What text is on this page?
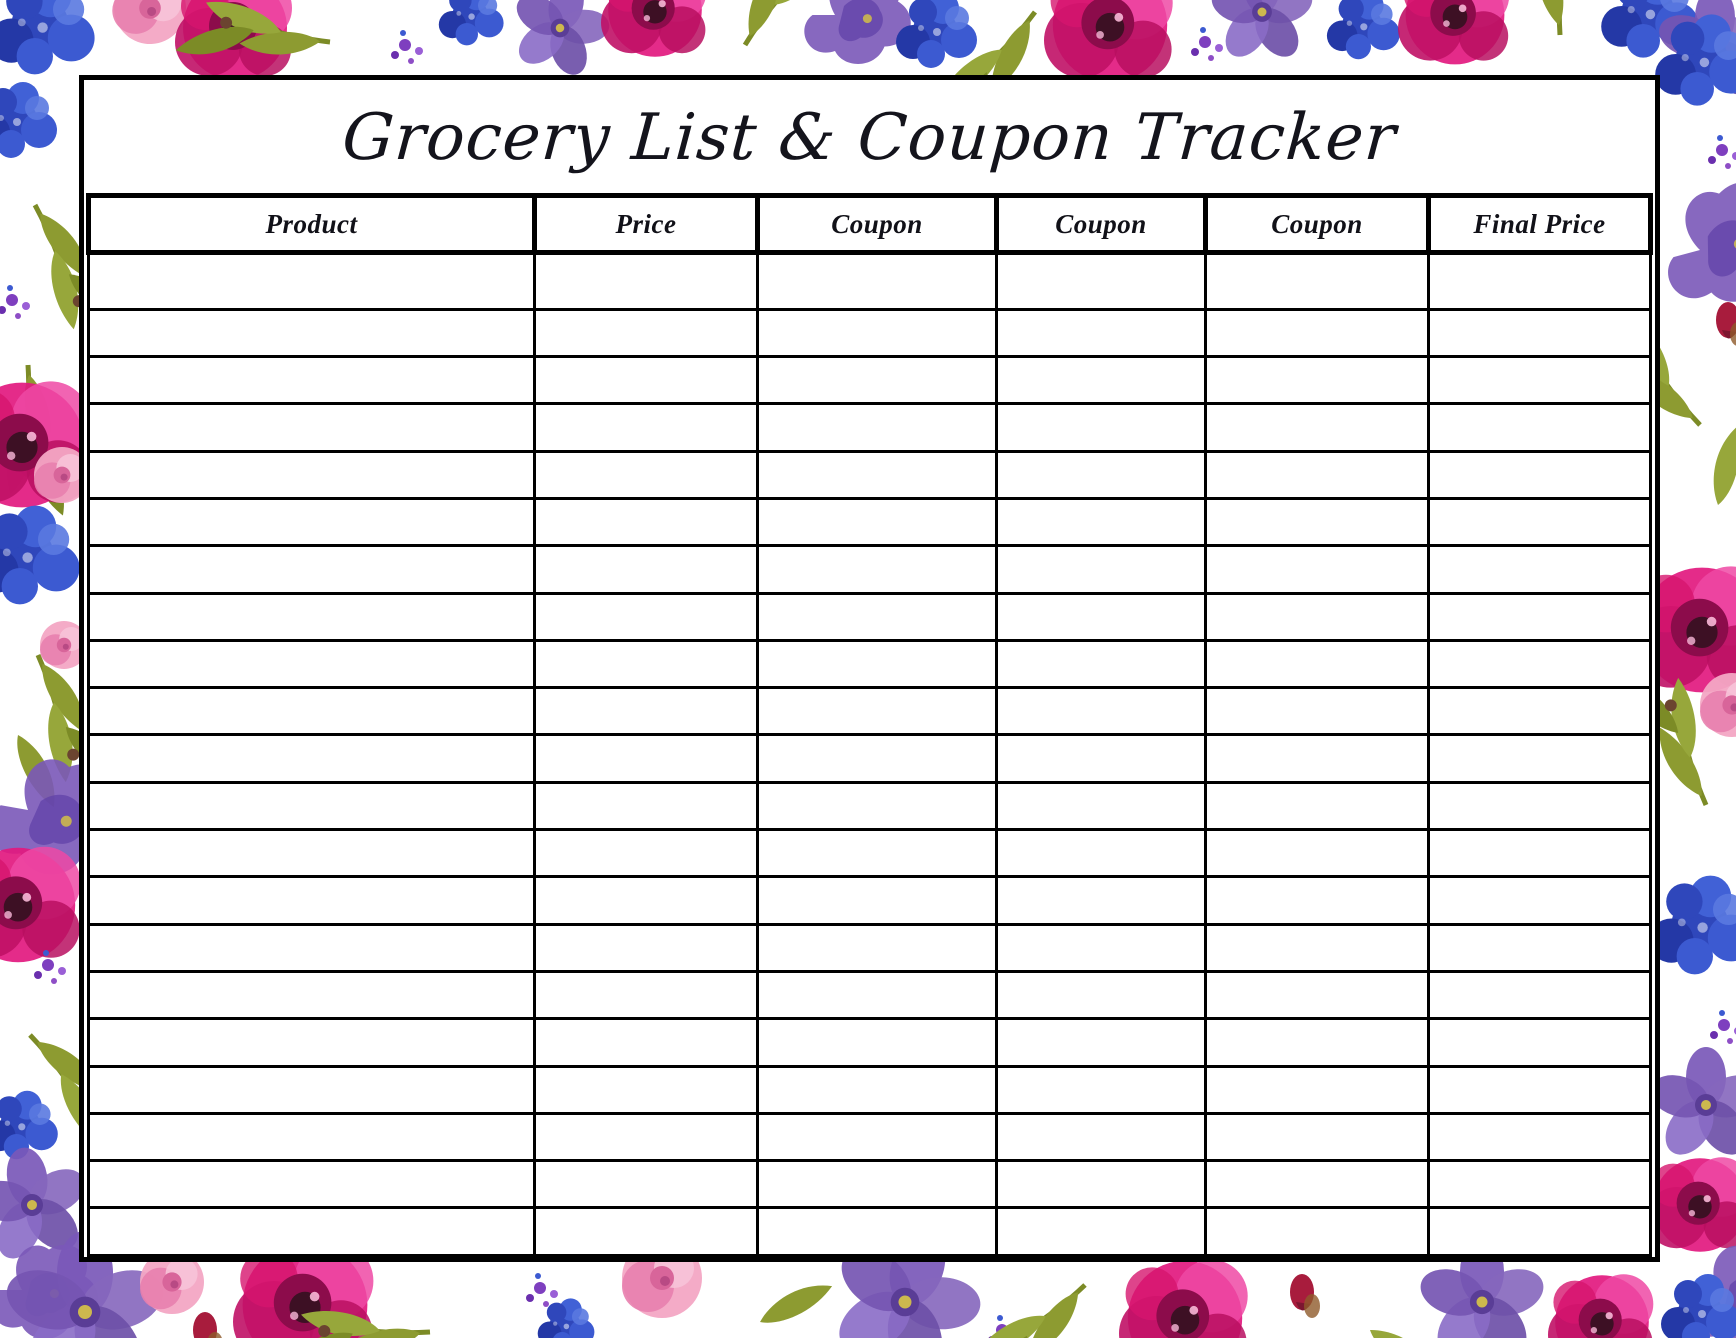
Grocery List & Coupon Tracker
Product	Price	Coupon	Coupon	Coupon	Final Price
